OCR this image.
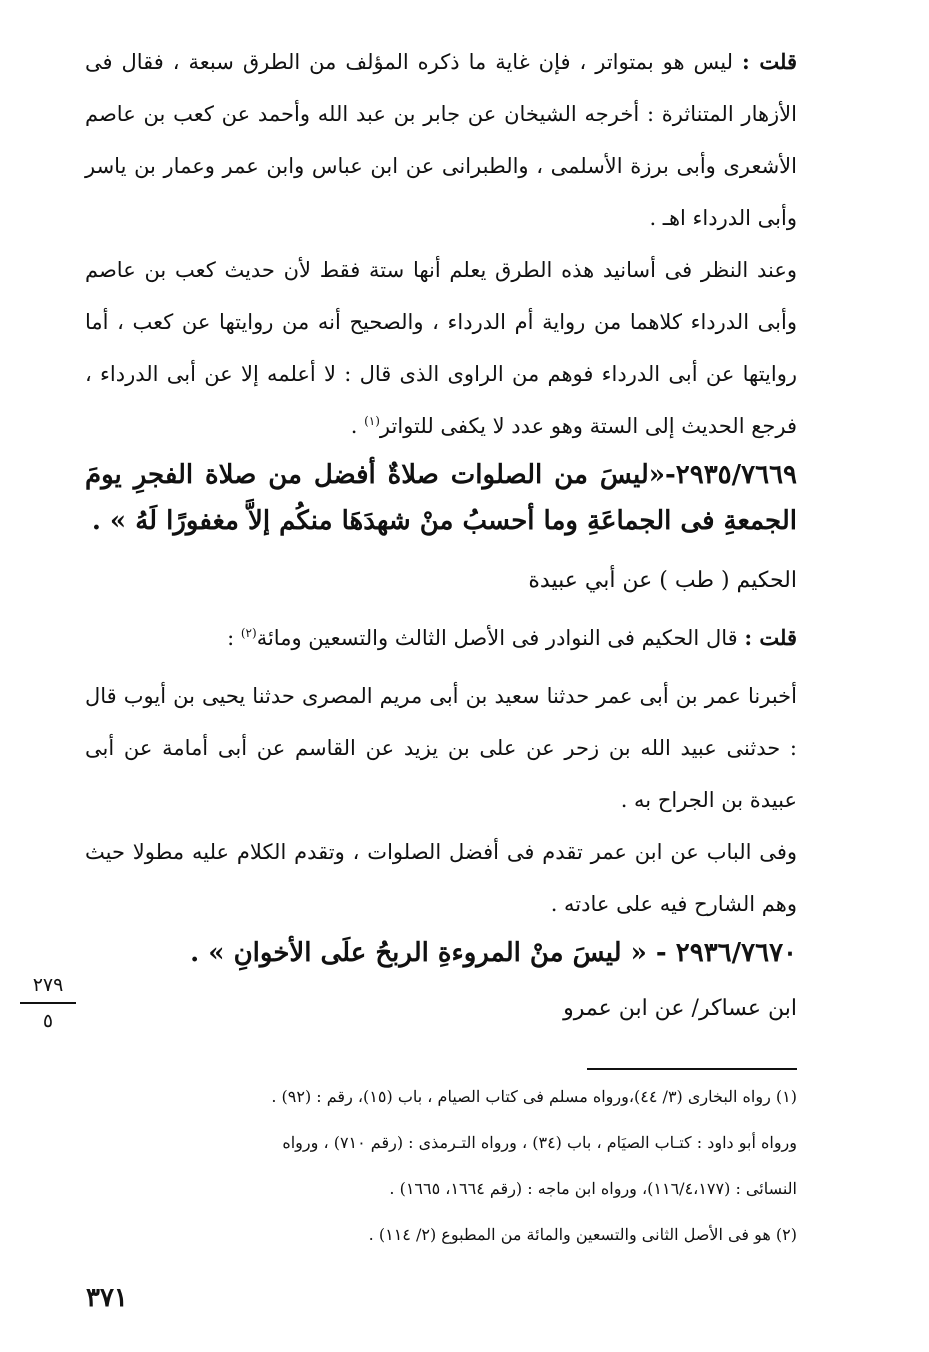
قلت : ليس هو بمتواتر ، فإن غاية ما ذكره المؤلف من الطرق سبعة ، فقال فى الأزهار المتناثرة : أخرجه الشيخان عن جابر بن عبد الله وأحمد عن كعب بن عاصم الأشعرى وأبى برزة الأسلمى ، والطبرانى عن ابن عباس وابن عمر وعمار بن ياسر وأبى الدرداء اهـ .
وعند النظر فى أسانيد هذه الطرق يعلم أنها ستة فقط لأن حديث كعب بن عاصم وأبى الدرداء كلاهما من رواية أم الدرداء ، والصحيح أنه من روايتها عن كعب ، أما روايتها عن أبى الدرداء فوهم من الراوى الذى قال : لا أعلمه إلا عن أبى الدرداء ، فرجع الحديث إلى الستة وهو عدد لا يكفى للتواتر$^{(١)}$ .
٢٩٣٥/٧٦٦٩-«ليسَ من الصلوات صلاةٌ أفضل من صلاة الفجرِ يومَ الجمعةِ فى الجماعَةِ وما أحسبُ منْ شهدَهَا منكُم إلاَّ مغفورًا لَهُ » .
الحكيم ( طب ) عن أبي عبيدة
قلت : قال الحكيم فى النوادر فى الأصل الثالث والتسعين ومائة$^{(٢)}$ :
أخبرنا عمر بن أبى عمر حدثنا سعيد بن أبى مريم المصرى حدثنا يحيى بن أيوب قال : حدثنى عبيد الله بن زحر عن على بن يزيد عن القاسم عن أبى أمامة عن أبى عبيدة بن الجراح به .
وفى الباب عن ابن عمر تقدم فى أفضل الصلوات ، وتقدم الكلام عليه مطولا حيث وهم الشارح فيه على عادته .
٢٩٣٦/٧٦٧٠ - « ليسَ منْ المروءةِ الربحُ علَى الأخوانِ » .
ابن عساكر/ عن ابن عمرو
٢٧٩
٥
(١) رواه البخارى (٣/ ٤٤)،ورواه مسلم فى كتاب الصيام ، باب (١٥)، رقم : (٩٢) .
ورواه أبو داود : كتـاب الصيَام ، باب (٣٤) ، ورواه التـرمذى : (رقم ٧١٠) ، ورواه
النسائى : (١١٦/٤،١٧٧)، ورواه ابن ماجه : (رقم ١٦٦٤، ١٦٦٥) .
(٢) هو فى الأصل الثانى والتسعين والمائة من المطبوع (٢/ ١١٤) .
٣٧١
